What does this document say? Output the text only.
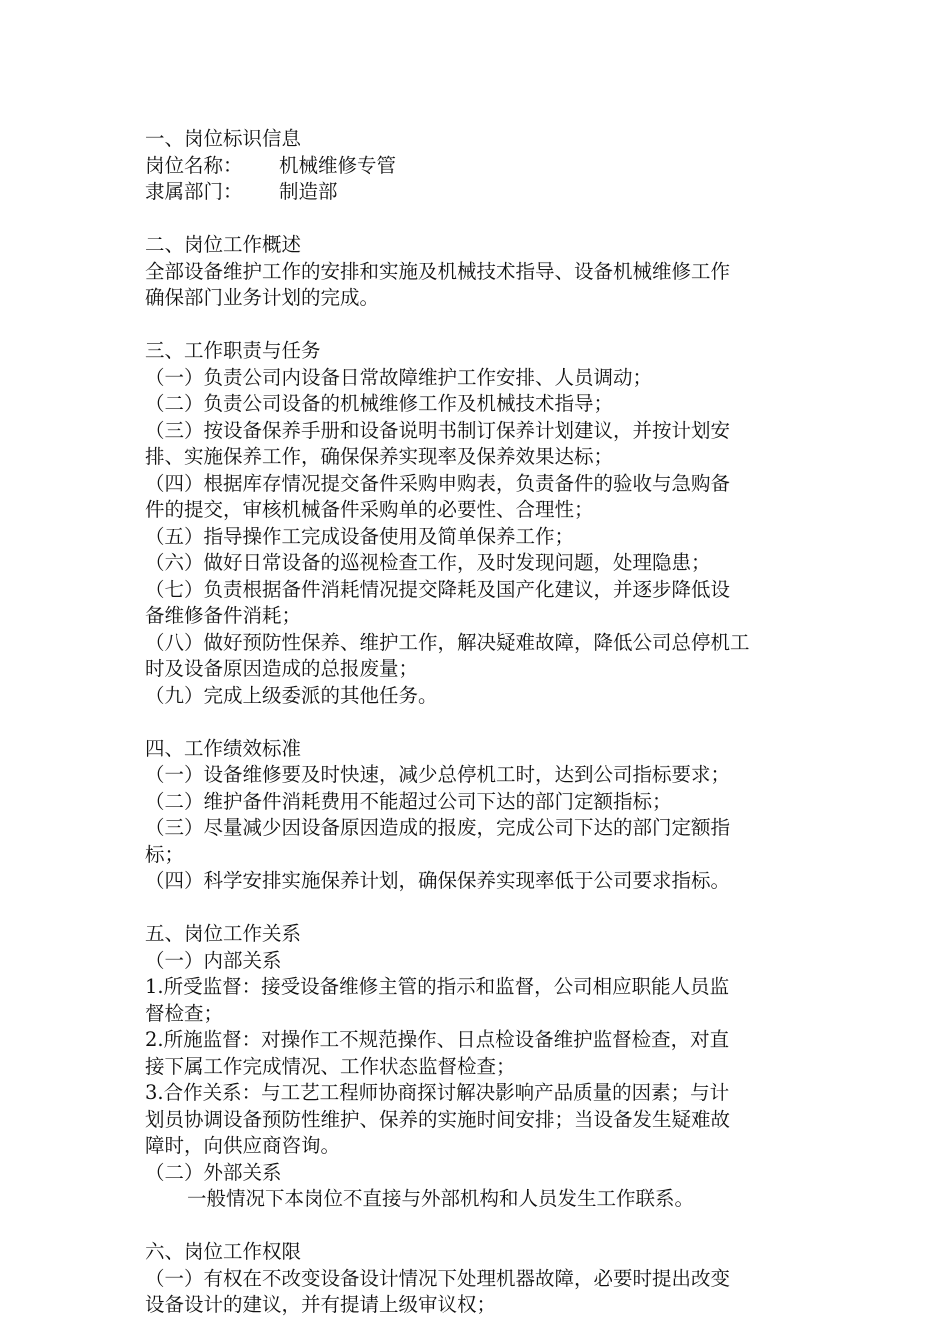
一、岗位标识信息
岗位名称： 机械维修专管
隶属部门： 制造部
二、岗位工作概述
全部设备维护工作的安排和实施及机械技术指导、设备机械维修工作
确保部门业务计划的完成。
三、工作职责与任务
（一）负责公司内设备日常故障维护工作安排、人员调动；
（二）负责公司设备的机械维修工作及机械技术指导；
（三）按设备保养手册和设备说明书制订保养计划建议，并按计划安
排、实施保养工作，确保保养实现率及保养效果达标；
（四）根据库存情况提交备件采购申购表，负责备件的验收与急购备
件的提交，审核机械备件采购单的必要性、合理性；
（五）指导操作工完成设备使用及简单保养工作；
（六）做好日常设备的巡视检查工作，及时发现问题，处理隐患；
（七）负责根据备件消耗情况提交降耗及国产化建议，并逐步降低设
备维修备件消耗；
（八）做好预防性保养、维护工作，解决疑难故障，降低公司总停机工
时及设备原因造成的总报废量；
（九）完成上级委派的其他任务。
四、工作绩效标准
（一）设备维修要及时快速，减少总停机工时，达到公司指标要求；
（二）维护备件消耗费用不能超过公司下达的部门定额指标；
（三）尽量减少因设备原因造成的报废，完成公司下达的部门定额指
标；
（四）科学安排实施保养计划，确保保养实现率低于公司要求指标。
五、岗位工作关系
（一）内部关系
1.所受监督：接受设备维修主管的指示和监督，公司相应职能人员监
督检查；
2.所施监督：对操作工不规范操作、日点检设备维护监督检查，对直
接下属工作完成情况、工作状态监督检查；
3.合作关系：与工艺工程师协商探讨解决影响产品质量的因素；与计
划员协调设备预防性维护、保养的实施时间安排；当设备发生疑难故
障时，向供应商咨询。
（二）外部关系
一般情况下本岗位不直接与外部机构和人员发生工作联系。
六、岗位工作权限
（一）有权在不改变设备设计情况下处理机器故障，必要时提出改变
设备设计的建议，并有提请上级审议权；
